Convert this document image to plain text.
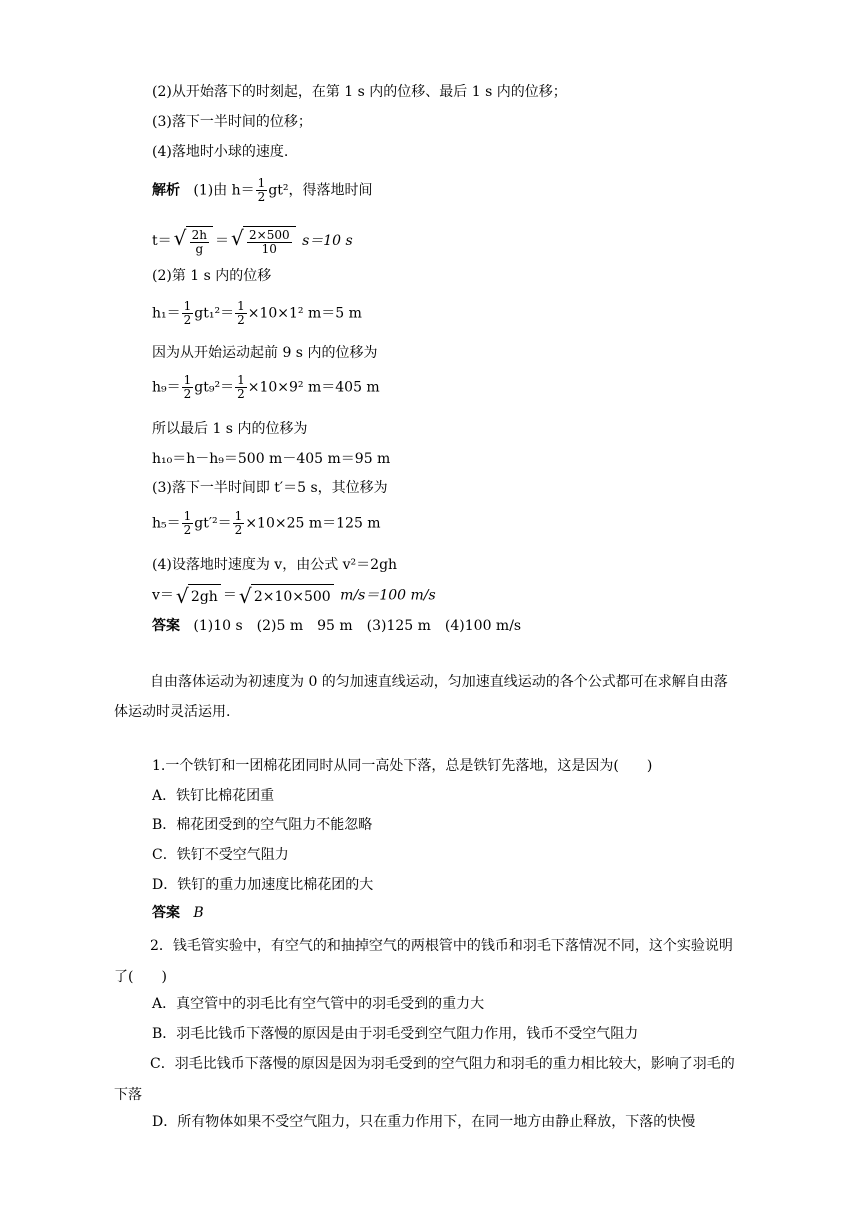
(2)从开始落下的时刻起，在第 1 s 内的位移、最后 1 s 内的位移；
(3)落下一半时间的位移；
(4)落地时小球的速度.
解析 (1)由 $h= \frac{1}{2} gt^2$，得落地时间
t＝ √ $\frac{2h}{g}$ ＝ √ $\frac{2\times 500}{10} s=10$ s
(2)第 1 s 内的位移
$h_1= \frac{1}{2} gt_1^2= \frac{1}{2} \times 10\times 1^2$ m＝5 m
因为从开始运动起前 9 s 内的位移为
$h_9= \frac{1}{2} gt_9^2= \frac{1}{2} \times 10\times 9^2$ m＝405 m
所以最后 1 s 内的位移为
h₁₀＝h－h₉＝500 m－405 m＝95 m
(3)落下一半时间即 t′＝5 s，其位移为
$h_5= \frac{1}{2} gt'^2= \frac{1}{2} \times 10\times 25$ m＝125 m
(4)设落地时速度为 v，由公式 v²＝2gh
v＝ √ 2gh ＝ √ 2×10×500 m/s＝100 m/s
答案 (1)10 s　(2)5 m　95 m　(3)125 m　(4)100 m/s
自由落体运动为初速度为 0 的匀加速直线运动，匀加速直线运动的各个公式都可在求解自由落体运动时灵活运用.
1.一个铁钉和一团棉花团同时从同一高处下落，总是铁钉先落地，这是因为(　　)
A．铁钉比棉花团重
B．棉花团受到的空气阻力不能忽略
C．铁钉不受空气阻力
D．铁钉的重力加速度比棉花团的大
答案 B
2．钱毛管实验中，有空气的和抽掉空气的两根管中的钱币和羽毛下落情况不同，这个实验说明了(　　)
A．真空管中的羽毛比有空气管中的羽毛受到的重力大
B．羽毛比钱币下落慢的原因是由于羽毛受到空气阻力作用，钱币不受空气阻力
C．羽毛比钱币下落慢的原因是因为羽毛受到的空气阻力和羽毛的重力相比较大，影响了羽毛的下落
D．所有物体如果不受空气阻力，只在重力作用下，在同一地方由静止释放，下落的快慢
